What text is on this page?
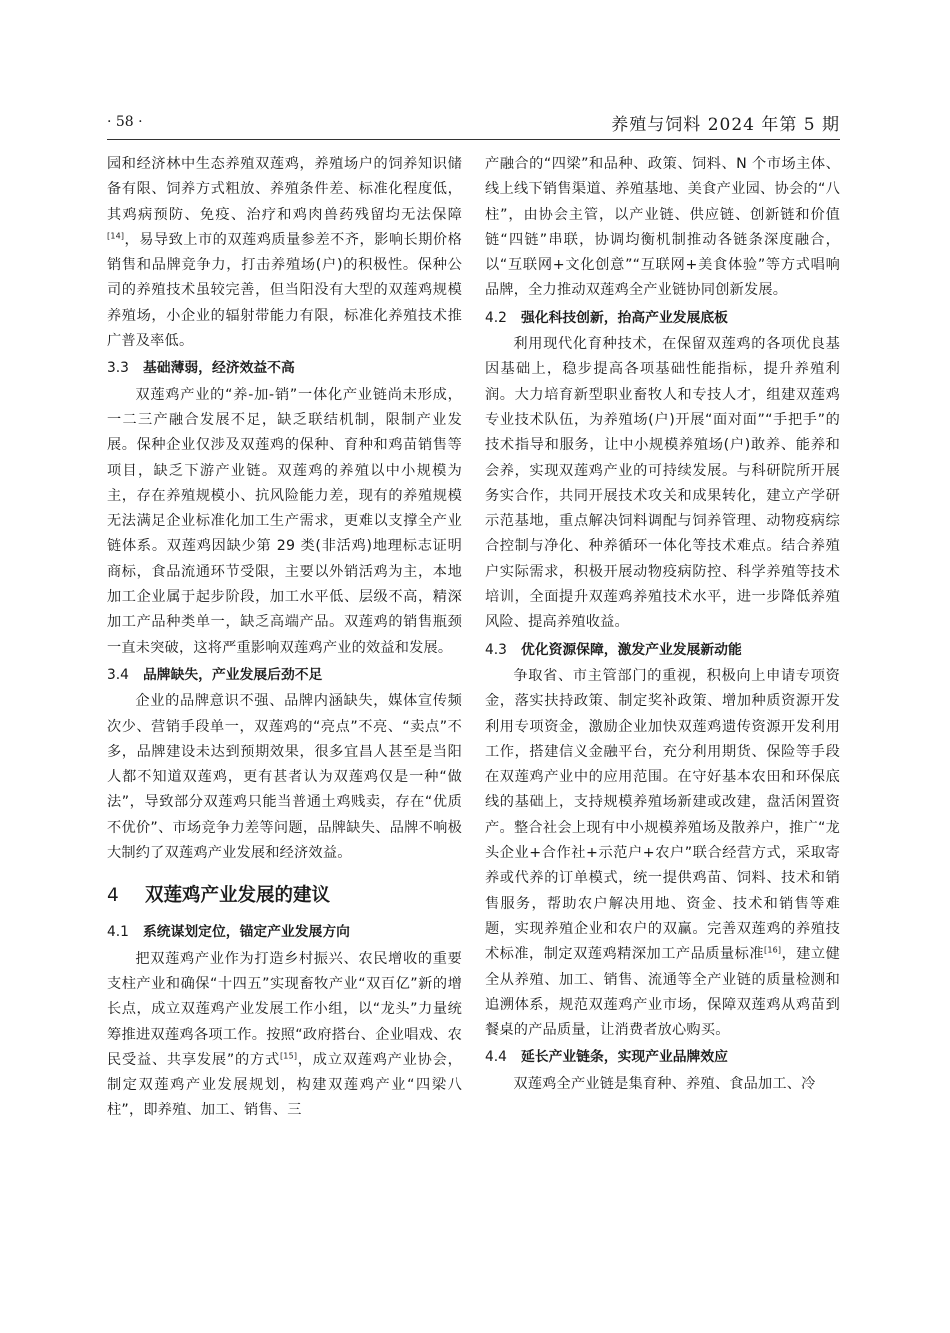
· 58 ·	养殖与饲料 2024 年第 5 期

园和经济林中生态养殖双莲鸡，养殖场户的饲养知识储备有限、饲养方式粗放、养殖条件差、标准化程度低，其鸡病预防、免疫、治疗和鸡肉兽药残留均无法保障[14]，易导致上市的双莲鸡质量参差不齐，影响长期价格销售和品牌竞争力，打击养殖场(户)的积极性。保种公司的养殖技术虽较完善，但当阳没有大型的双莲鸡规模养殖场，小企业的辐射带能力有限，标准化养殖技术推广普及率低。

3.3 基础薄弱，经济效益不高

双莲鸡产业的“养-加-销”一体化产业链尚未形成，一二三产融合发展不足，缺乏联结机制，限制产业发展。保种企业仅涉及双莲鸡的保种、育种和鸡苗销售等项目，缺乏下游产业链。双莲鸡的养殖以中小规模为主，存在养殖规模小、抗风险能力差，现有的养殖规模无法满足企业标准化加工生产需求，更难以支撑全产业链体系。双莲鸡因缺少第 29 类(非活鸡)地理标志证明商标，食品流通环节受限，主要以外销活鸡为主，本地加工企业属于起步阶段，加工水平低、层级不高，精深加工产品种类单一，缺乏高端产品。双莲鸡的销售瓶颈一直未突破，这将严重影响双莲鸡产业的效益和发展。

3.4 品牌缺失，产业发展后劲不足

企业的品牌意识不强、品牌内涵缺失，媒体宣传频次少、营销手段单一，双莲鸡的“亮点”不亮、“卖点”不多，品牌建设未达到预期效果，很多宜昌人甚至是当阳人都不知道双莲鸡，更有甚者认为双莲鸡仅是一种“做法”，导致部分双莲鸡只能当普通土鸡贱卖，存在“优质不优价”、市场竞争力差等问题，品牌缺失、品牌不响极大制约了双莲鸡产业发展和经济效益。

4 双莲鸡产业发展的建议
4.1 系统谋划定位，锚定产业发展方向

把双莲鸡产业作为打造乡村振兴、农民增收的重要支柱产业和确保“十四五”实现畜牧产业“双百亿”新的增长点，成立双莲鸡产业发展工作小组，以“龙头”力量统筹推进双莲鸡各项工作。按照“政府搭台、企业唱戏、农民受益、共享发展”的方式[15]，成立双莲鸡产业协会，制定双莲鸡产业发展规划，构建双莲鸡产业“四梁八柱”，即养殖、加工、销售、三

产融合的“四梁”和品种、政策、饲料、N 个市场主体、线上线下销售渠道、养殖基地、美食产业园、协会的“八柱”，由协会主管，以产业链、供应链、创新链和价值链“四链”串联，协调均衡机制推动各链条深度融合，以“互联网+文化创意”“互联网+美食体验”等方式唱响品牌，全力推动双莲鸡全产业链协同创新发展。

4.2 强化科技创新，抬高产业发展底板

利用现代化育种技术，在保留双莲鸡的各项优良基因基础上，稳步提高各项基础性能指标，提升养殖利润。大力培育新型职业畜牧人和专技人才，组建双莲鸡专业技术队伍，为养殖场(户)开展“面对面”“手把手”的技术指导和服务，让中小规模养殖场(户)敢养、能养和会养，实现双莲鸡产业的可持续发展。与科研院所开展务实合作，共同开展技术攻关和成果转化，建立产学研示范基地，重点解决饲料调配与饲养管理、动物疫病综合控制与净化、种养循环一体化等技术难点。结合养殖户实际需求，积极开展动物疫病防控、科学养殖等技术培训，全面提升双莲鸡养殖技术水平，进一步降低养殖风险、提高养殖收益。

4.3 优化资源保障，激发产业发展新动能

争取省、市主管部门的重视，积极向上申请专项资金，落实扶持政策、制定奖补政策、增加种质资源开发利用专项资金，激励企业加快双莲鸡遗传资源开发利用工作，搭建信义金融平台，充分利用期货、保险等手段在双莲鸡产业中的应用范围。在守好基本农田和环保底线的基础上，支持规模养殖场新建或改建，盘活闲置资产。整合社会上现有中小规模养殖场及散养户，推广“龙头企业+合作社+示范户+农户”联合经营方式，采取寄养或代养的订单模式，统一提供鸡苗、饲料、技术和销售服务，帮助农户解决用地、资金、技术和销售等难题，实现养殖企业和农户的双赢。完善双莲鸡的养殖技术标准，制定双莲鸡精深加工产品质量标准[16]，建立健全从养殖、加工、销售、流通等全产业链的质量检测和追溯体系，规范双莲鸡产业市场，保障双莲鸡从鸡苗到餐桌的产品质量，让消费者放心购买。

4.4 延长产业链条，实现产业品牌效应

双莲鸡全产业链是集育种、养殖、食品加工、冷
